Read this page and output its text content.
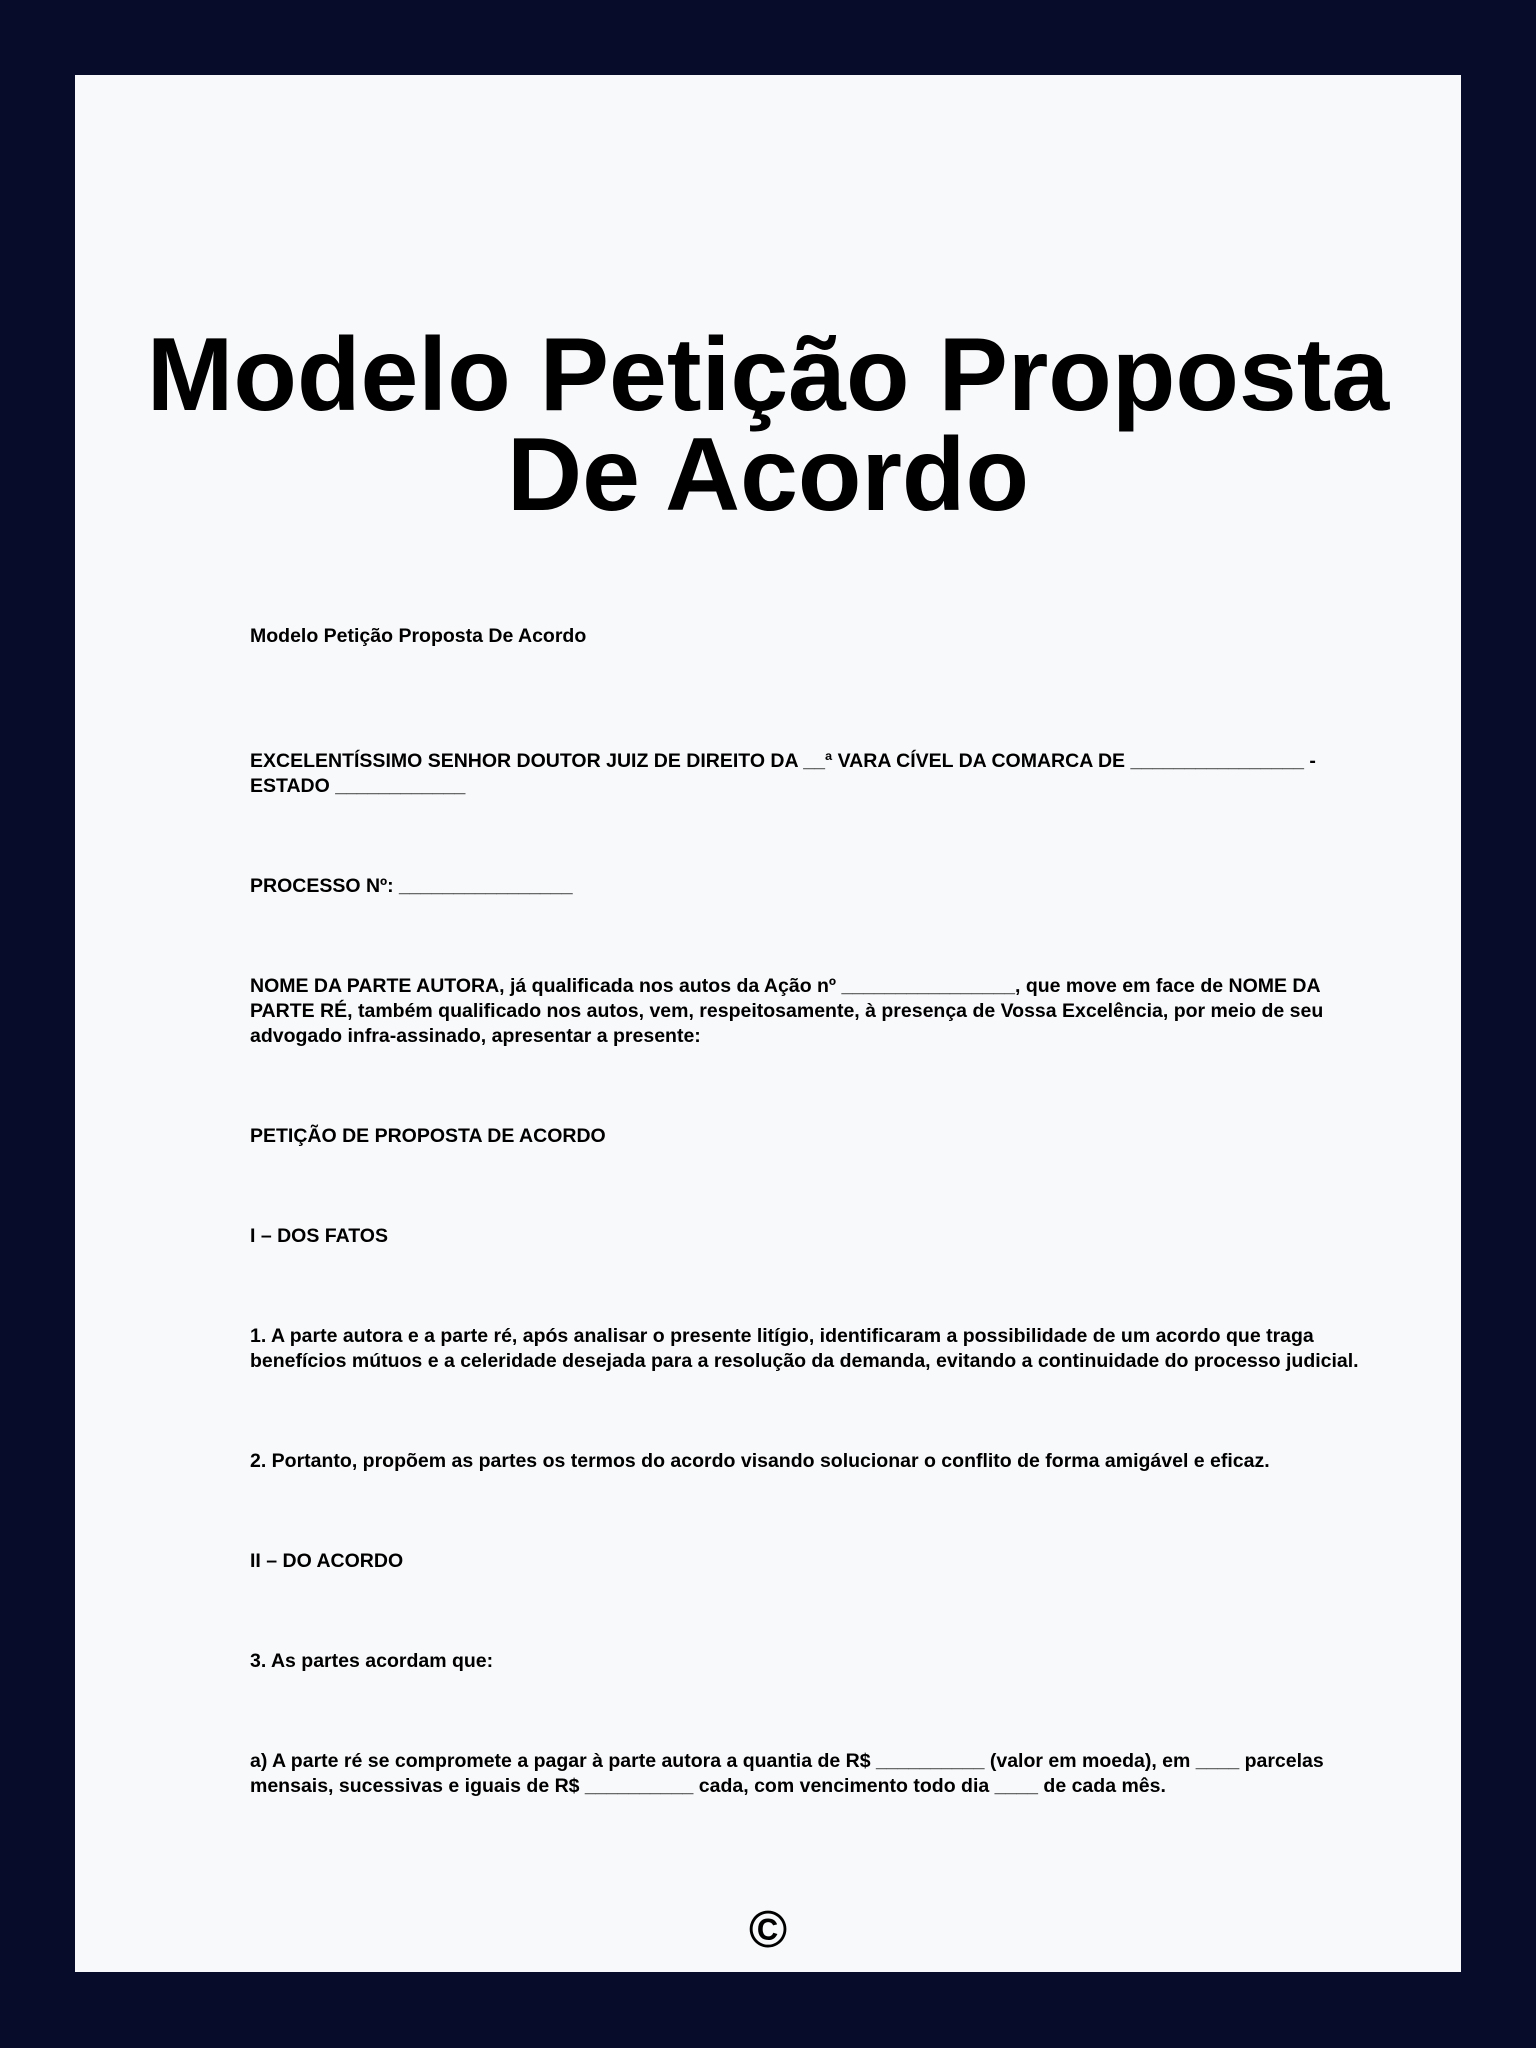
Modelo Petição Proposta De Acordo

Modelo Petição Proposta De Acordo

EXCELENTÍSSIMO SENHOR DOUTOR JUIZ DE DIREITO DA __ª VARA CÍVEL DA COMARCA DE ________________ - ESTADO ____________

PROCESSO Nº: ________________

NOME DA PARTE AUTORA, já qualificada nos autos da Ação nº ________________, que move em face de NOME DA PARTE RÉ, também qualificado nos autos, vem, respeitosamente, à presença de Vossa Excelência, por meio de seu advogado infra-assinado, apresentar a presente:

PETIÇÃO DE PROPOSTA DE ACORDO

I – DOS FATOS

1. A parte autora e a parte ré, após analisar o presente litígio, identificaram a possibilidade de um acordo que traga benefícios mútuos e a celeridade desejada para a resolução da demanda, evitando a continuidade do processo judicial.

2. Portanto, propõem as partes os termos do acordo visando solucionar o conflito de forma amigável e eficaz.

II – DO ACORDO

3. As partes acordam que:

a) A parte ré se compromete a pagar à parte autora a quantia de R$ __________ (valor em moeda), em ____ parcelas mensais, sucessivas e iguais de R$ __________ cada, com vencimento todo dia ____ de cada mês.

©
